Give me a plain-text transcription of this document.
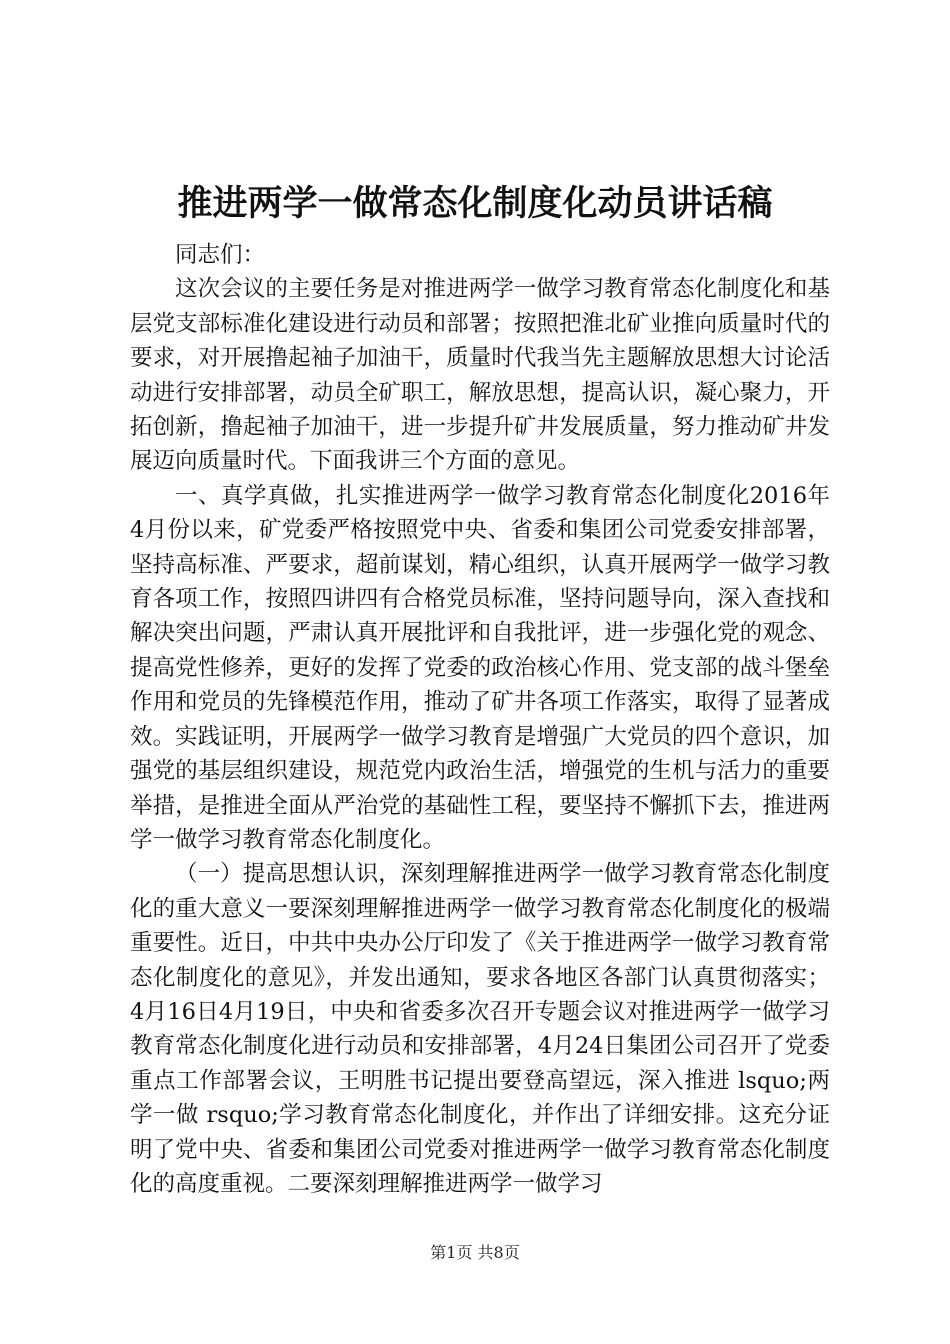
推进两学一做常态化制度化动员讲话稿

同志们：

这次会议的主要任务是对推进两学一做学习教育常态化制度化和基层党支部标准化建设进行动员和部署；按照把淮北矿业推向质量时代的要求，对开展撸起袖子加油干，质量时代我当先主题解放思想大讨论活动进行安排部署，动员全矿职工，解放思想，提高认识，凝心聚力，开拓创新，撸起袖子加油干，进一步提升矿井发展质量，努力推动矿井发展迈向质量时代。下面我讲三个方面的意见。

一、真学真做，扎实推进两学一做学习教育常态化制度化2016年4月份以来，矿党委严格按照党中央、省委和集团公司党委安排部署，坚持高标准、严要求，超前谋划，精心组织，认真开展两学一做学习教育各项工作，按照四讲四有合格党员标准，坚持问题导向，深入查找和解决突出问题，严肃认真开展批评和自我批评，进一步强化党的观念、提高党性修养，更好的发挥了党委的政治核心作用、党支部的战斗堡垒作用和党员的先锋模范作用，推动了矿井各项工作落实，取得了显著成效。实践证明，开展两学一做学习教育是增强广大党员的四个意识，加强党的基层组织建设，规范党内政治生活，增强党的生机与活力的重要举措，是推进全面从严治党的基础性工程，要坚持不懈抓下去，推进两学一做学习教育常态化制度化。

（一）提高思想认识，深刻理解推进两学一做学习教育常态化制度化的重大意义一要深刻理解推进两学一做学习教育常态化制度化的极端重要性。近日，中共中央办公厅印发了《关于推进两学一做学习教育常态化制度化的意见》，并发出通知，要求各地区各部门认真贯彻落实；4月16日4月19日，中央和省委多次召开专题会议对推进两学一做学习教育常态化制度化进行动员和安排部署，4月24日集团公司召开了党委重点工作部署会议，王明胜书记提出要登高望远，深入推进 lsquo;两学一做 rsquo;学习教育常态化制度化，并作出了详细安排。这充分证明了党中央、省委和集团公司党委对推进两学一做学习教育常态化制度化的高度重视。二要深刻理解推进两学一做学习

第1页 共8页
